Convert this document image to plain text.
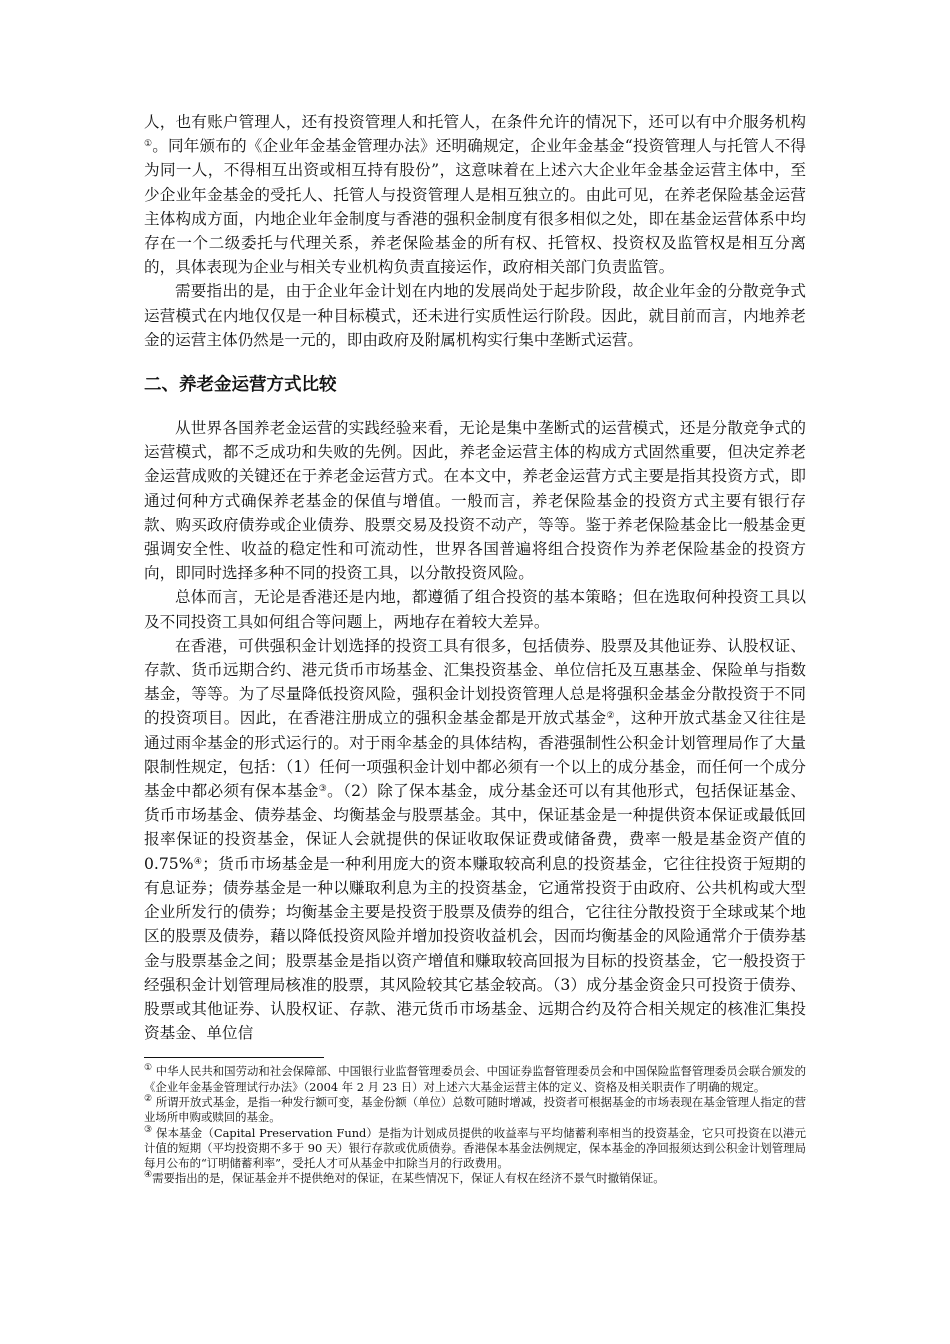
人，也有账户管理人，还有投资管理人和托管人，在条件允许的情况下，还可以有中介服务机构①。同年颁布的《企业年金基金管理办法》还明确规定，企业年金基金“投资管理人与托管人不得为同一人，不得相互出资或相互持有股份”，这意味着在上述六大企业年金基金运营主体中，至少企业年金基金的受托人、托管人与投资管理人是相互独立的。由此可见，在养老保险基金运营主体构成方面，内地企业年金制度与香港的强积金制度有很多相似之处，即在基金运营体系中均存在一个二级委托与代理关系，养老保险基金的所有权、托管权、投资权及监管权是相互分离的，具体表现为企业与相关专业机构负责直接运作，政府相关部门负责监管。

需要指出的是，由于企业年金计划在内地的发展尚处于起步阶段，故企业年金的分散竞争式运营模式在内地仅仅是一种目标模式，还未进行实质性运行阶段。因此，就目前而言，内地养老金的运营主体仍然是一元的，即由政府及附属机构实行集中垄断式运营。

二、养老金运营方式比较

从世界各国养老金运营的实践经验来看，无论是集中垄断式的运营模式，还是分散竞争式的运营模式，都不乏成功和失败的先例。因此，养老金运营主体的构成方式固然重要，但决定养老金运营成败的关键还在于养老金运营方式。在本文中，养老金运营方式主要是指其投资方式，即通过何种方式确保养老基金的保值与增值。一般而言，养老保险基金的投资方式主要有银行存款、购买政府债券或企业债券、股票交易及投资不动产，等等。鉴于养老保险基金比一般基金更强调安全性、收益的稳定性和可流动性，世界各国普遍将组合投资作为养老保险基金的投资方向，即同时选择多种不同的投资工具，以分散投资风险。

总体而言，无论是香港还是内地，都遵循了组合投资的基本策略；但在选取何种投资工具以及不同投资工具如何组合等问题上，两地存在着较大差异。

在香港，可供强积金计划选择的投资工具有很多，包括债券、股票及其他证券、认股权证、存款、货币远期合约、港元货币市场基金、汇集投资基金、单位信托及互惠基金、保险单与指数基金，等等。为了尽量降低投资风险，强积金计划投资管理人总是将强积金基金分散投资于不同的投资项目。因此，在香港注册成立的强积金基金都是开放式基金②，这种开放式基金又往往是通过雨伞基金的形式运行的。对于雨伞基金的具体结构，香港强制性公积金计划管理局作了大量限制性规定，包括：（1）任何一项强积金计划中都必须有一个以上的成分基金，而任何一个成分基金中都必须有保本基金③。（2）除了保本基金，成分基金还可以有其他形式，包括保证基金、货币市场基金、债券基金、均衡基金与股票基金。其中，保证基金是一种提供资本保证或最低回报率保证的投资基金，保证人会就提供的保证收取保证费或储备费，费率一般是基金资产值的 0.75%④；货币市场基金是一种利用庞大的资本赚取较高利息的投资基金，它往往投资于短期的有息证券；债券基金是一种以赚取利息为主的投资基金，它通常投资于由政府、公共机构或大型企业所发行的债券；均衡基金主要是投资于股票及债券的组合，它往往分散投资于全球或某个地区的股票及债券，藉以降低投资风险并增加投资收益机会，因而均衡基金的风险通常介于债券基金与股票基金之间；股票基金是指以资产增值和赚取较高回报为目标的投资基金，它一般投资于经强积金计划管理局核准的股票，其风险较其它基金较高。（3）成分基金资金只可投资于债券、股票或其他证券、认股权证、存款、港元货币市场基金、远期合约及符合相关规定的核准汇集投资基金、单位信

① 中华人民共和国劳动和社会保障部、中国银行业监督管理委员会、中国证券监督管理委员会和中国保险监督管理委员会联合颁发的《企业年金基金管理试行办法》（2004 年 2 月 23 日）对上述六大基金运营主体的定义、资格及相关职责作了明确的规定。

② 所谓开放式基金，是指一种发行额可变，基金份额（单位）总数可随时增减，投资者可根据基金的市场表现在基金管理人指定的营业场所申购或赎回的基金。

③ 保本基金（Capital Preservation Fund）是指为计划成员提供的收益率与平均储蓄利率相当的投资基金，它只可投资在以港元计值的短期（平均投资期不多于 90 天）银行存款或优质债券。香港保本基金法例规定，保本基金的净回报须达到公积金计划管理局每月公布的“订明储蓄利率”，受托人才可从基金中扣除当月的行政费用。

④需要指出的是，保证基金并不提供绝对的保证，在某些情况下，保证人有权在经济不景气时撤销保证。
